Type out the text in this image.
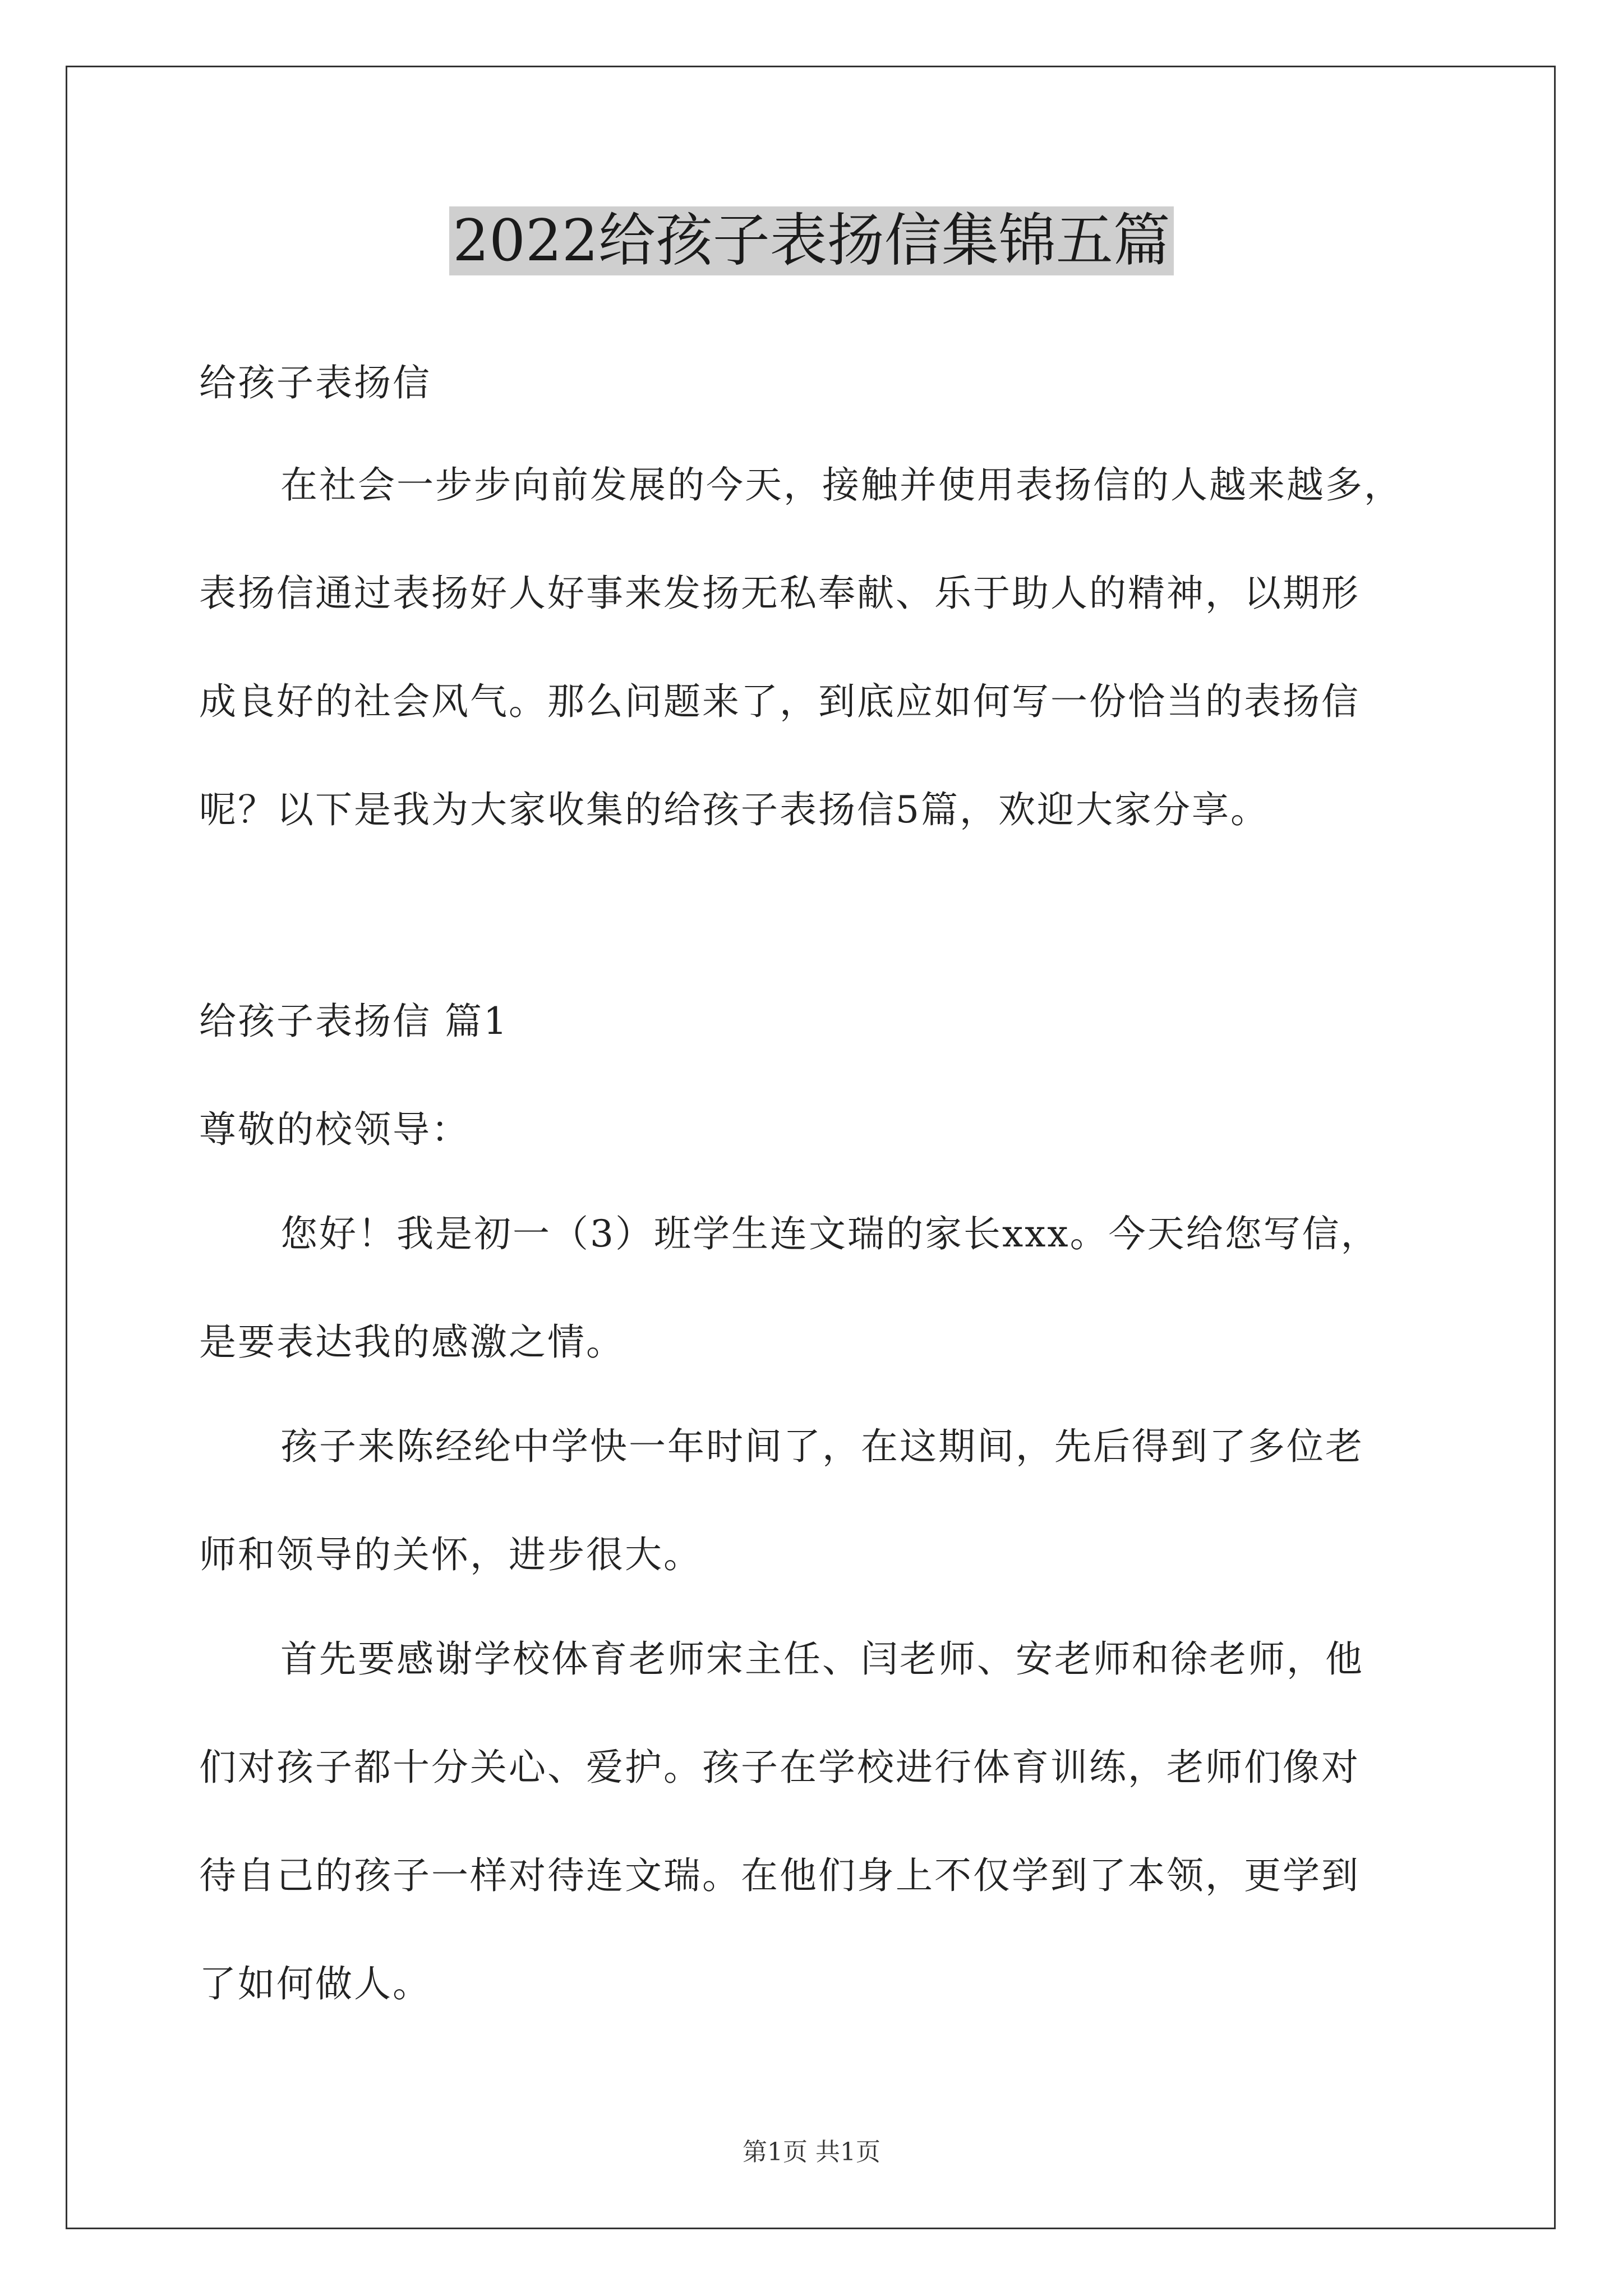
2022给孩子表扬信集锦五篇
给孩子表扬信
在社会一步步向前发展的今天，接触并使用表扬信的人越来越多，
表扬信通过表扬好人好事来发扬无私奉献、乐于助人的精神，以期形
成良好的社会风气。那么问题来了，到底应如何写一份恰当的表扬信
呢？以下是我为大家收集的给孩子表扬信5篇，欢迎大家分享。
给孩子表扬信 篇1
尊敬的校领导：
您好！我是初一（3）班学生连文瑞的家长xxx。今天给您写信，
是要表达我的感激之情。
孩子来陈经纶中学快一年时间了，在这期间，先后得到了多位老
师和领导的关怀，进步很大。
首先要感谢学校体育老师宋主任、闫老师、安老师和徐老师，他
们对孩子都十分关心、爱护。孩子在学校进行体育训练，老师们像对
待自己的孩子一样对待连文瑞。在他们身上不仅学到了本领，更学到
了如何做人。
第1页 共1页
